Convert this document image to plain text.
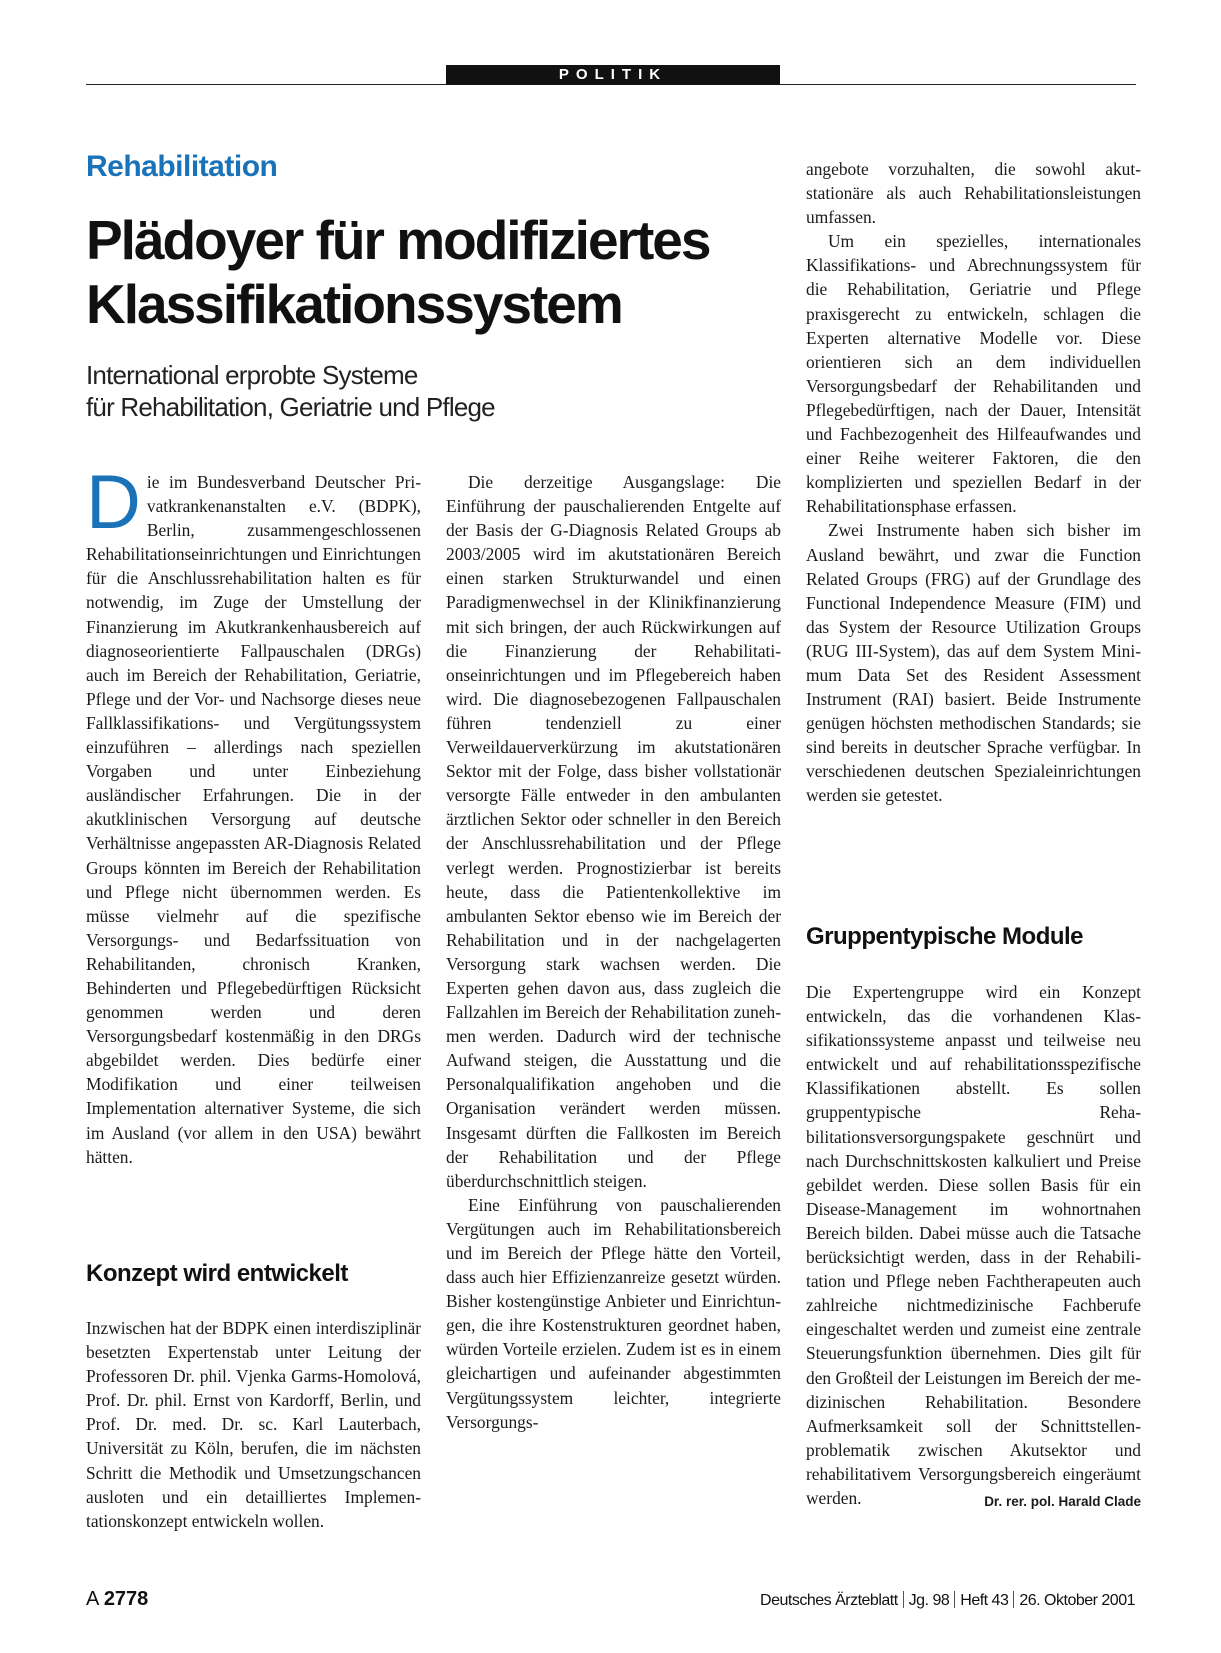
POLITIK
Rehabilitation
Plädoyer für modifiziertes
Klassifikationssystem
International erprobte Systeme
für Rehabilitation, Geriatrie und Pflege

Die im Bundesverband Deutscher Privatkrankenanstalten e.V. (BDPK), Berlin, zusammengeschlossenen Rehabilitationseinrichtungen und Einrichtungen für die Anschlussrehabilitation halten es für notwendig, im Zuge der Umstellung der Finanzierung im Akutkrankenhausbereich auf diagnoseorientierte Fallpauschalen (DRGs) auch im Bereich der Rehabilitation, Geriatrie, Pflege und der Vor- und Nachsorge dieses neue Fallklassifikations- und Vergütungssystem einzuführen – allerdings nach speziellen Vorgaben und unter Einbeziehung ausländischer Erfahrungen. Die in der akutklinischen Versorgung auf deutsche Verhältnisse angepassten AR-Diagnosis Related Groups könnten im Bereich der Rehabilitation und Pflege nicht übernommen werden. Es müsse vielmehr auf die spezifische Versorgungs- und Bedarfssituation von Rehabilitanden, chronisch Kranken, Behinderten und Pflegebedürftigen Rücksicht genommen werden und deren Versorgungsbedarf kostenmäßig in den DRGs abgebildet werden. Dies bedürfe einer Modifikation und einer teilweisen Implementation alternativer Systeme, die sich im Ausland (vor allem in den USA) bewährt hätten.

Konzept wird entwickelt

Inzwischen hat der BDPK einen interdisziplinär besetzten Expertenstab unter Leitung der Professoren Dr. phil. Vjenka Garms-Homolová, Prof. Dr. phil. Ernst von Kardorff, Berlin, und Prof. Dr. med. Dr. sc. Karl Lauterbach, Universität zu Köln, berufen, die im nächsten Schritt die Methodik und Umsetzungschancen ausloten und ein detailliertes Implementationskonzept entwickeln wollen.

Die derzeitige Ausgangslage: Die Einführung der pauschalierenden Entgelte auf der Basis der G-Diagnosis Related Groups ab 2003/2005 wird im akutstationären Bereich einen starken Strukturwandel und einen Paradigmenwechsel in der Klinikfinanzierung mit sich bringen, der auch Rückwirkungen auf die Finanzierung der Rehabilitationseinrichtungen und im Pflegebereich haben wird. Die diagnosebezogenen Fallpauschalen führen tendenziell zu einer Verweildauerverkürzung im akutstationären Sektor mit der Folge, dass bisher vollstationär versorgte Fälle entweder in den ambulanten ärztlichen Sektor oder schneller in den Bereich der Anschlussrehabilitation und der Pflege verlegt werden. Prognostizierbar ist bereits heute, dass die Patientenkollektive im ambulanten Sektor ebenso wie im Bereich der Rehabilitation und in der nachgelagerten Versorgung stark wachsen werden. Die Experten gehen davon aus, dass zugleich die Fallzahlen im Bereich der Rehabilitation zunehmen werden. Dadurch wird der technische Aufwand steigen, die Ausstattung und die Personalqualifikation angehoben und die Organisation verändert werden müssen. Insgesamt dürften die Fallkosten im Bereich der Rehabilitation und der Pflege überdurchschnittlich steigen.

Eine Einführung von pauschalierenden Vergütungen auch im Rehabilitationsbereich und im Bereich der Pflege hätte den Vorteil, dass auch hier Effizienzanreize gesetzt würden. Bisher kostengünstige Anbieter und Einrichtungen, die ihre Kostenstrukturen geordnet haben, würden Vorteile erzielen. Zudem ist es in einem gleichartigen und aufeinander abgestimmten Vergütungssystem leichter, integrierte Versorgungs-

angebote vorzuhalten, die sowohl akutstationäre als auch Rehabilitationsleistungen umfassen.

Um ein spezielles, internationales Klassifikations- und Abrechnungssystem für die Rehabilitation, Geriatrie und Pflege praxisgerecht zu entwickeln, schlagen die Experten alternative Modelle vor. Diese orientieren sich an dem individuellen Versorgungsbedarf der Rehabilitanden und Pflegebedürftigen, nach der Dauer, Intensität und Fachbezogenheit des Hilfeaufwandes und einer Reihe weiterer Faktoren, die den komplizierten und speziellen Bedarf in der Rehabilitationsphase erfassen.

Zwei Instrumente haben sich bisher im Ausland bewährt, und zwar die Function Related Groups (FRG) auf der Grundlage des Functional Independence Measure (FIM) und das System der Resource Utilization Groups (RUG III-System), das auf dem System Minimum Data Set des Resident Assessment Instrument (RAI) basiert. Beide Instrumente genügen höchsten methodischen Standards; sie sind bereits in deutscher Sprache verfügbar. In verschiedenen deutschen Spezialeinrichtungen werden sie getestet.

Gruppentypische Module

Die Expertengruppe wird ein Konzept entwickeln, das die vorhandenen Klassifikationssysteme anpasst und teilweise neu entwickelt und auf rehabilitationsspezifische Klassifikationen abstellt. Es sollen gruppentypische Rehabilitationsversorgungspakete geschnürt und nach Durchschnittskosten kalkuliert und Preise gebildet werden. Diese sollen Basis für ein Disease-Management im wohnortnahen Bereich bilden. Dabei müsse auch die Tatsache berücksichtigt werden, dass in der Rehabilitation und Pflege neben Fachtherapeuten auch zahlreiche nichtmedizinische Fachberufe eingeschaltet werden und zumeist eine zentrale Steuerungsfunktion übernehmen. Dies gilt für den Großteil der Leistungen im Bereich der medizinischen Rehabilitation. Besondere Aufmerksamkeit soll der Schnittstellenproblematik zwischen Akutsektor und rehabilitativem Versorgungsbereich eingeräumt werden.	Dr. rer. pol. Harald Clade

A 2778	Deutsches Ärzteblatt Jg. 98 Heft 43 26. Oktober 2001
